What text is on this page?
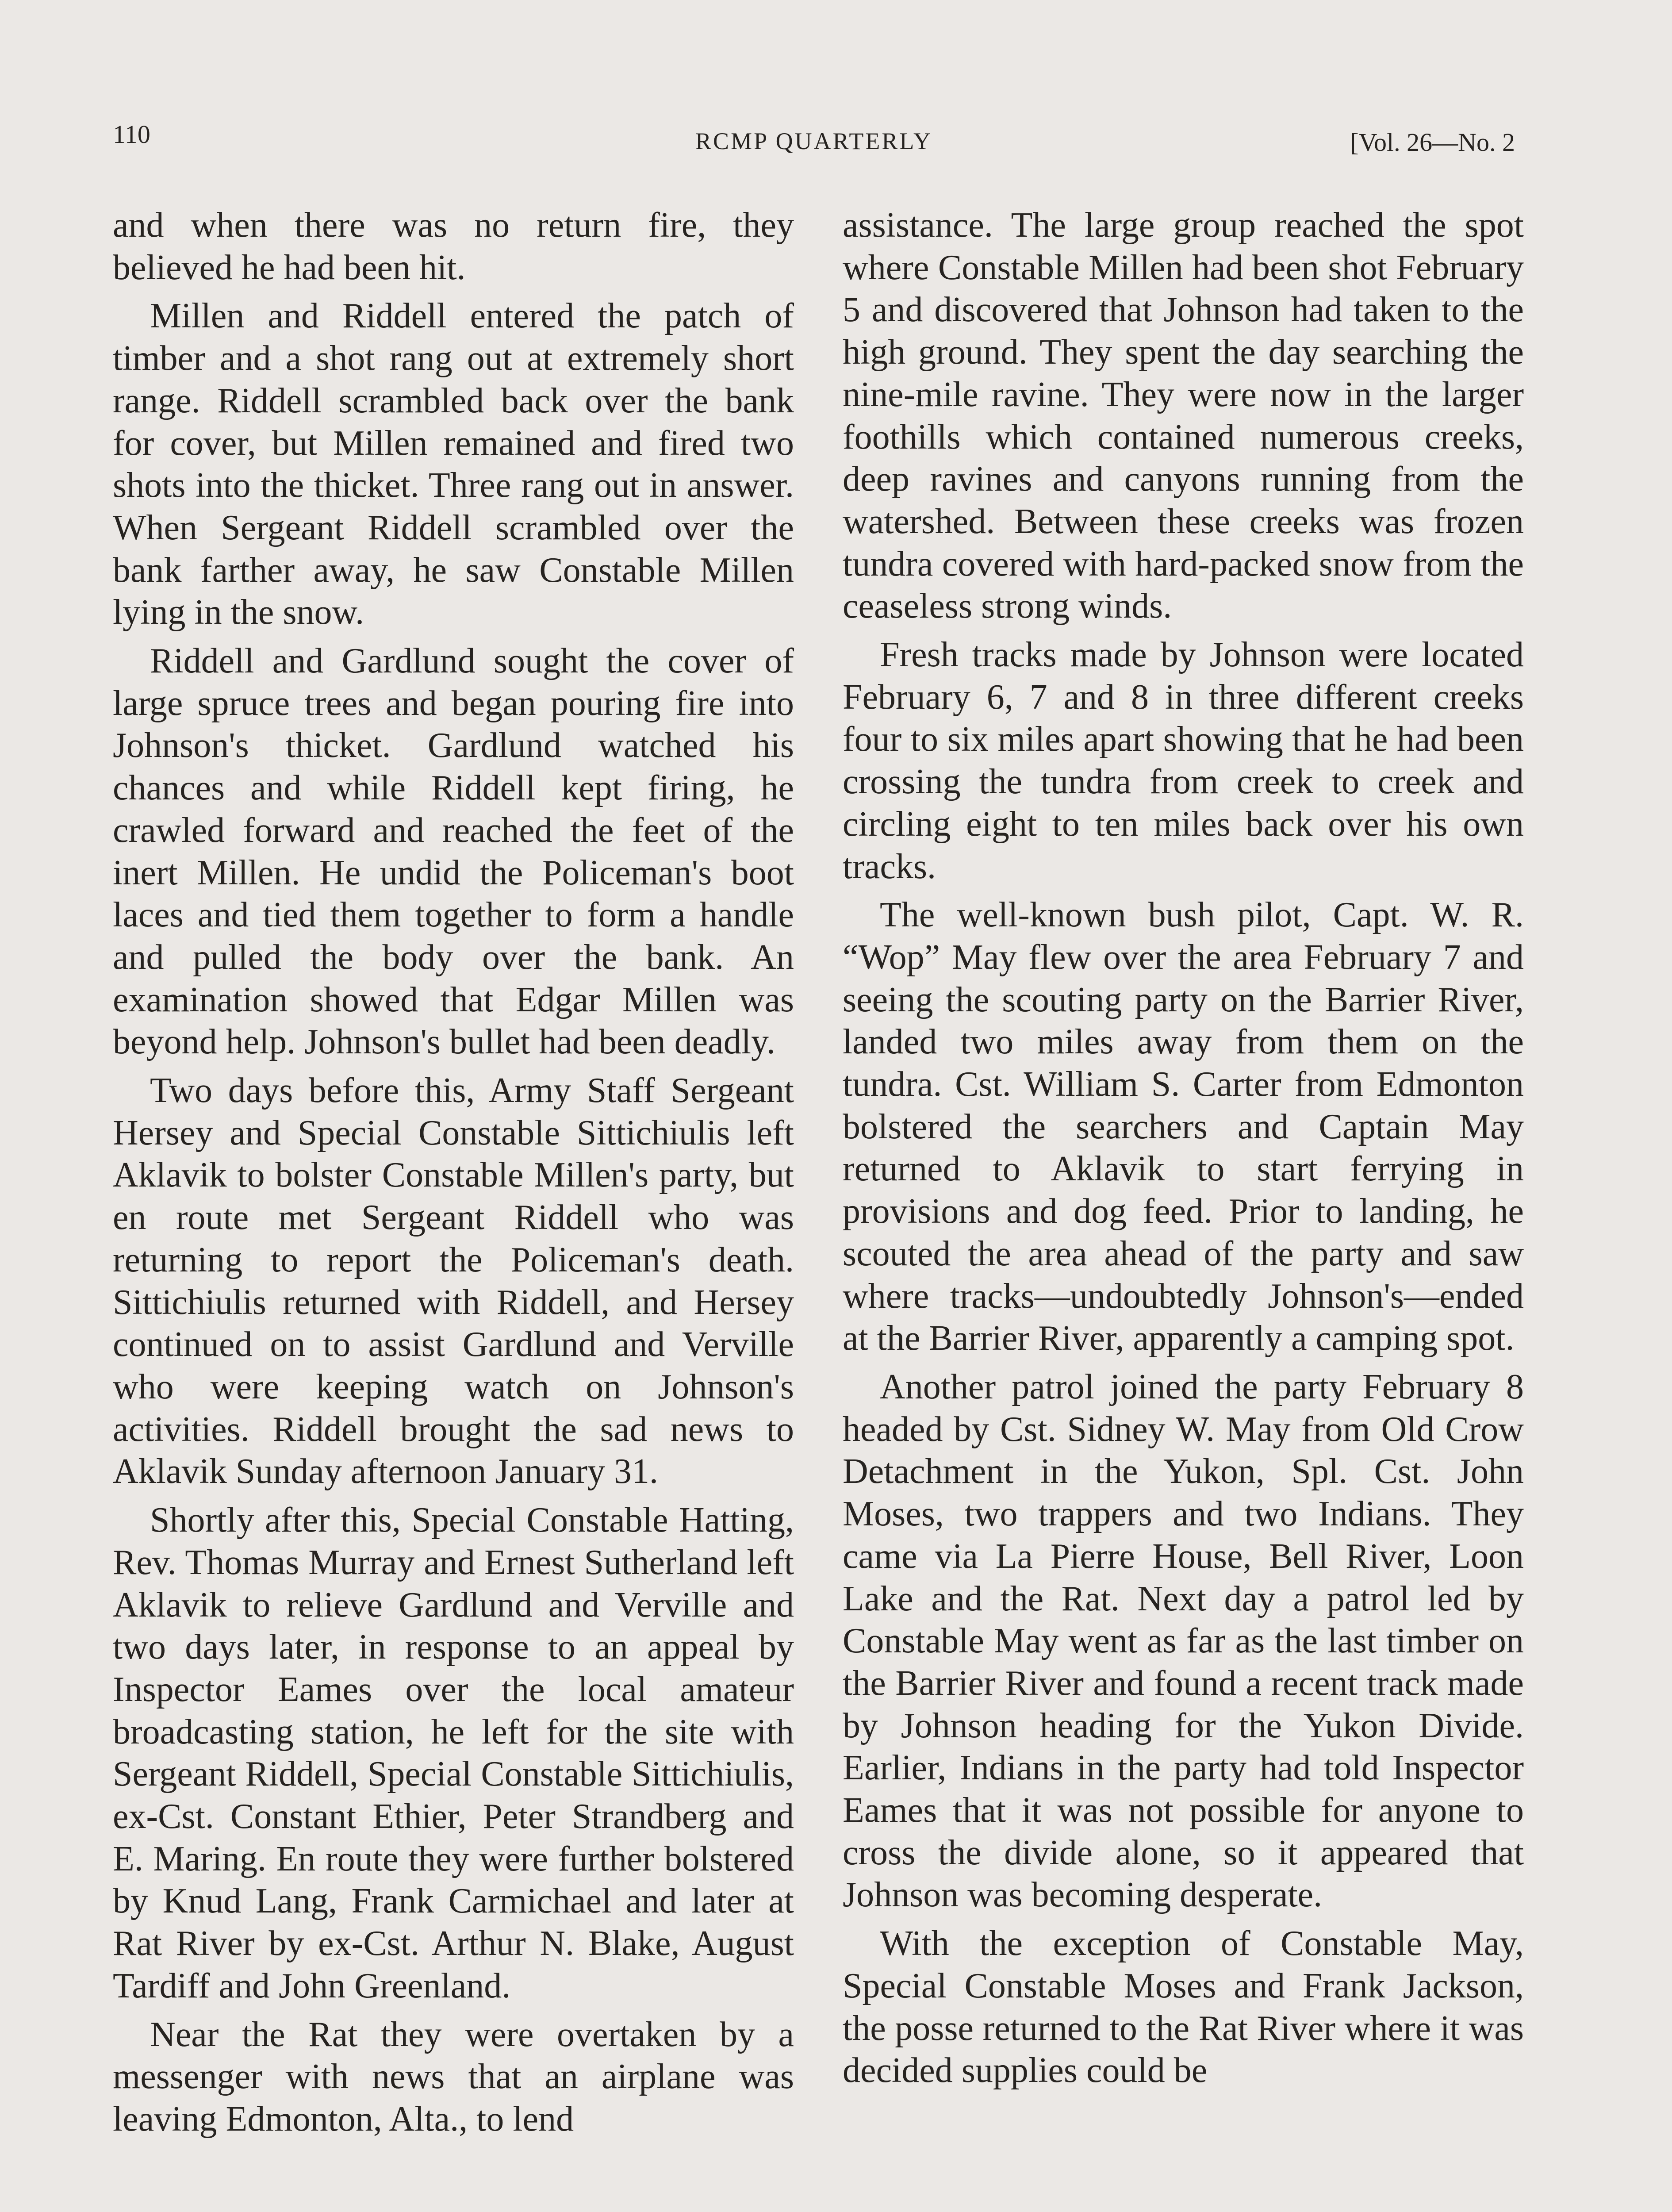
110	RCMP QUARTERLY	[Vol. 26—No. 2

and when there was no return fire, they believed he had been hit.

Millen and Riddell entered the patch of timber and a shot rang out at extremely short range. Riddell scrambled back over the bank for cover, but Millen remained and fired two shots into the thicket. Three rang out in answer. When Sergeant Riddell scrambled over the bank farther away, he saw Constable Millen lying in the snow.

Riddell and Gardlund sought the cover of large spruce trees and began pouring fire into Johnson's thicket. Gardlund watched his chances and while Riddell kept firing, he crawled forward and reached the feet of the inert Millen. He undid the Policeman's boot laces and tied them together to form a handle and pulled the body over the bank. An examination showed that Edgar Millen was beyond help. Johnson's bullet had been deadly.

Two days before this, Army Staff Sergeant Hersey and Special Constable Sittichiulis left Aklavik to bolster Constable Millen's party, but en route met Sergeant Riddell who was returning to report the Policeman's death. Sittichiulis returned with Riddell, and Hersey continued on to assist Gardlund and Verville who were keeping watch on Johnson's activities. Riddell brought the sad news to Aklavik Sunday afternoon January 31.

Shortly after this, Special Constable Hatting, Rev. Thomas Murray and Ernest Sutherland left Aklavik to relieve Gardlund and Verville and two days later, in response to an appeal by Inspector Eames over the local amateur broadcasting station, he left for the site with Sergeant Riddell, Special Constable Sittichiulis, ex-Cst. Constant Ethier, Peter Strandberg and E. Maring. En route they were further bolstered by Knud Lang, Frank Carmichael and later at Rat River by ex-Cst. Arthur N. Blake, August Tardiff and John Greenland.

Near the Rat they were overtaken by a messenger with news that an airplane was leaving Edmonton, Alta., to lend

assistance. The large group reached the spot where Constable Millen had been shot February 5 and discovered that Johnson had taken to the high ground. They spent the day searching the nine-mile ravine. They were now in the larger foothills which contained numerous creeks, deep ravines and canyons running from the watershed. Between these creeks was frozen tundra covered with hard-packed snow from the ceaseless strong winds.

Fresh tracks made by Johnson were located February 6, 7 and 8 in three different creeks four to six miles apart showing that he had been crossing the tundra from creek to creek and circling eight to ten miles back over his own tracks.

The well-known bush pilot, Capt. W. R. “Wop” May flew over the area February 7 and seeing the scouting party on the Barrier River, landed two miles away from them on the tundra. Cst. William S. Carter from Edmonton bolstered the searchers and Captain May returned to Aklavik to start ferrying in provisions and dog feed. Prior to landing, he scouted the area ahead of the party and saw where tracks—undoubtedly Johnson's—ended at the Barrier River, apparently a camping spot.

Another patrol joined the party February 8 headed by Cst. Sidney W. May from Old Crow Detachment in the Yukon, Spl. Cst. John Moses, two trappers and two Indians. They came via La Pierre House, Bell River, Loon Lake and the Rat. Next day a patrol led by Constable May went as far as the last timber on the Barrier River and found a recent track made by Johnson heading for the Yukon Divide. Earlier, Indians in the party had told Inspector Eames that it was not possible for anyone to cross the divide alone, so it appeared that Johnson was becoming desperate.

With the exception of Constable May, Special Constable Moses and Frank Jackson, the posse returned to the Rat River where it was decided supplies could be
